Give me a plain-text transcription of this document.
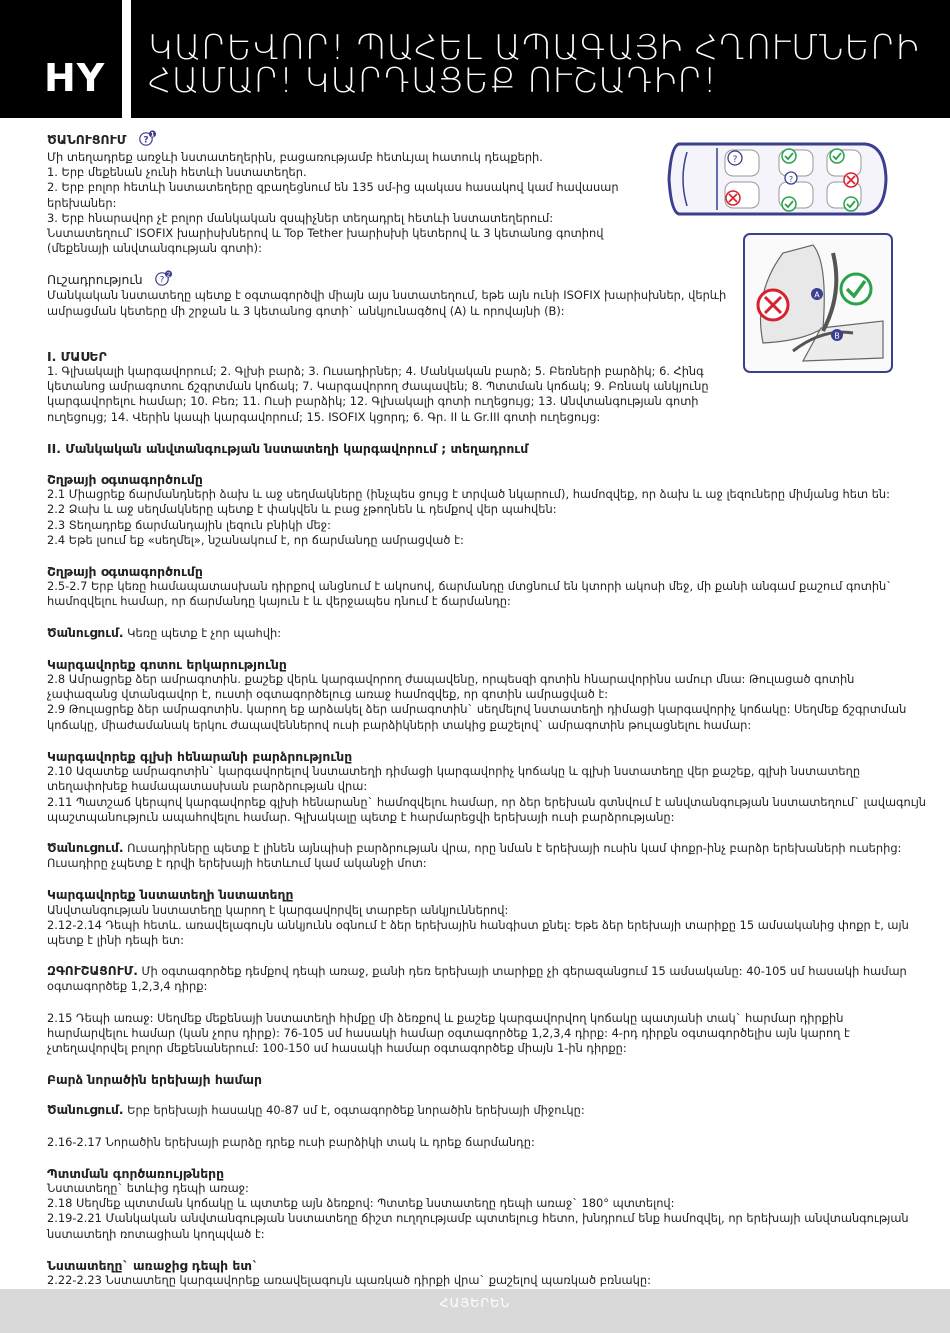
HY
ԿԱՐԵՎՈՐ! ՊԱՀԵԼ ԱՊԱԳԱՅԻ ՀՂՈՒՄՆԵՐԻ
ՀԱՄԱՐ! ԿԱՐԴԱՑԵՔ ՈՒՇԱԴԻՐ!
?
?
A
B
ԾԱՆՈՒՑՈՒՄ ?
1

Մի տեղադրեք առջևի նստատեղերին, բացառությամբ հետևյալ հատուկ դեպքերի.

1. Երբ մեքենան չունի հետևի նստատեղեր.

2. Երբ բոլոր հետևի նստատեղերը զբաղեցնում են 135 սմ-ից պակաս հասակով կամ հավասար երեխաներ:

3. Երբ հնարավոր չէ բոլոր մանկական զսպիչներ տեղադրել հետևի նստատեղերում:

Նստատեղում՝ ISOFIX խարիսխներով և Top Tether խարիսխի կետերով և 3 կետանոց գոտիով (մեքենայի անվտանգության գոտի):

Ուշադրություն ?
2

Մանկական նստատեղը պետք է օգտագործվի միայն այս նստատեղում, եթե այն ունի ISOFIX խարիսխներ, վերևի ամրացման կետերը մի շրջան և 3 կետանոց գոտի` անկյունագծով (A) և որովայնի (B):

I. ՄԱՍԵՐ

1. Գլխակալի կարգավորում; 2. Գլխի բարձ; 3. Ուսադիրներ; 4. Մանկական բարձ; 5. Բեռների բարձիկ; 6. Հինգ կետանոց ամրագոտու ճշգրտման կոճակ; 7. Կարգավորող ժապավեն; 8. Պտտման կոճակ; 9. Բռնակ անկյունը կարգավորելու համար; 10. Բեռ; 11. Ուսի բարձիկ; 12. Գլխակալի գոտի ուղեցույց; 13. Անվտանգության գոտի ուղեցույց; 14. Վերին կապի կարգավորում; 15. ISOFIX կցորդ; 6. Գր. II և Gr.III գոտի ուղեցույց:

II. Մանկական անվտանգության նստատեղի կարգավորում ; տեղադրում

Շղթայի օգտագործումը

2.1 Միացրեք ճարմանդների ձախ և աջ սեղմակները (ինչպես ցույց է տրված նկարում), համոզվեք, որ ձախ և աջ լեզուները միմյանց հետ են:

2.2 Ձախ և աջ սեղմակները պետք է փակվեն և բաց չթողնեն և դեմքով վեր պահվեն:

2.3 Տեղադրեք ճարմանդային լեզուն բնիկի մեջ:

2.4 Եթե լսում եք «սեղմել», նշանակում է, որ ճարմանդը ամրացված է:

Շղթայի օգտագործումը

2.5-2.7 Երբ կեռը համապատասխան դիրքով անցնում է ակոսով, ճարմանդը մտցնում են կտորի ակոսի մեջ, մի քանի անգամ քաշում գոտին` համոզվելու համար, որ ճարմանդը կայուն է և վերջապես դնում է ճարմանդը:

Ծանուցում. Կեռը պետք է չոր պահվի:

Կարգավորեք գոտու երկարությունը

2.8 Ամրացրեք ձեր ամրագոտին. քաշեք վերև կարգավորող ժապավենը, որպեսզի գոտին հնարավորինս ամուր մնա: Թուլացած գոտին չափազանց վտանգավոր է, ուստի օգտագործելուց առաջ համոզվեք, որ գոտին ամրացված է:

2.9 Թուլացրեք ձեր ամրագոտին. կարող եք արձակել ձեր ամրագոտին` սեղմելով նստատեղի դիմացի կարգավորիչ կոճակը: Սեղմեք ճշգրտման կոճակը, միաժամանակ երկու ժապավեններով ուսի բարձիկների տակից քաշելով` ամրագոտին թուլացնելու համար:

Կարգավորեք գլխի հենարանի բարձրությունը

2.10 Ազատեք ամրագոտին` կարգավորելով նստատեղի դիմացի կարգավորիչ կոճակը և գլխի նստատեղը վեր քաշեք, գլխի նստատեղը տեղափոխեք համապատասխան բարձրության վրա:

2.11 Պատշաճ կերպով կարգավորեք գլխի հենարանը` համոզվելու համար, որ ձեր երեխան գտնվում է անվտանգության նստատեղում` լավագույն պաշտպանություն ապահովելու համար. Գլխակալը պետք է հարմարեցվի երեխայի ուսի բարձրությանը:

Ծանուցում. Ուսադիրները պետք է լինեն այնպիսի բարձրության վրա, որը նման է երեխայի ուսին կամ փոքր-ինչ բարձր երեխաների ուսերից: Ուսադիրը չպետք է դրվի երեխայի հետևում կամ ականջի մոտ:

Կարգավորեք նստատեղի նստատեղը

Անվտանգության նստատեղը կարող է կարգավորվել տարբեր անկյուններով:

2.12-2.14 Դեպի հետև. առավելագույն անկյունն օգնում է ձեր երեխային հանգիստ քնել: Եթե ձեր երեխայի տարիքը 15 ամսականից փոքր է, այն պետք է լինի դեպի ետ:

ԶԳՈՒՇԱՑՈՒՄ. Մի օգտագործեք դեմքով դեպի առաջ, քանի դեռ երեխայի տարիքը չի գերազանցում 15 ամսականը: 40-105 սմ հասակի համար օգտագործեք 1,2,3,4 դիրք:

2.15 Դեպի առաջ: Սեղմեք մեքենայի նստատեղի հիմքը մի ձեռքով և քաշեք կարգավորվող կոճակը պատյանի տակ` հարմար դիրքին հարմարվելու համար (կան չորս դիրք): 76-105 սմ հասակի համար օգտագործեք 1,2,3,4 դիրք: 4-րդ դիրքն օգտագործելիս այն կարող է չտեղավորվել բոլոր մեքենաներում: 100-150 սմ հասակի համար օգտագործեք միայն 1-ին դիրքը:

Բարձ նորածին երեխայի համար

Ծանուցում. Երբ երեխայի հասակը 40-87 սմ է, օգտագործեք նորածին երեխայի միջուկը:

2.16-2.17 Նորածին երեխայի բարձը դրեք ուսի բարձիկի տակ և դրեք ճարմանդը:

Պտտման գործառույթները

Նստատեղը` ետևից դեպի առաջ:

2.18 Սեղմեք պտտման կոճակը և պտտեք այն ձեռքով: Պտտեք նստատեղը դեպի առաջ` 180° պտտելով:

2.19-2.21 Մանկական անվտանգության նստատեղը ճիշտ ուղղությամբ պտտելուց հետո, խնդրում ենք համոզվել, որ երեխայի անվտանգության նստատեղի ռոտացիան կողպված է:

Նստատեղը` առաջից դեպի ետ`

2.22-2.23 Նստատեղը կարգավորեք առավելագույն պառկած դիրքի վրա` քաշելով պառկած բռնակը:

ՀԱՅԵՐԵՆ
